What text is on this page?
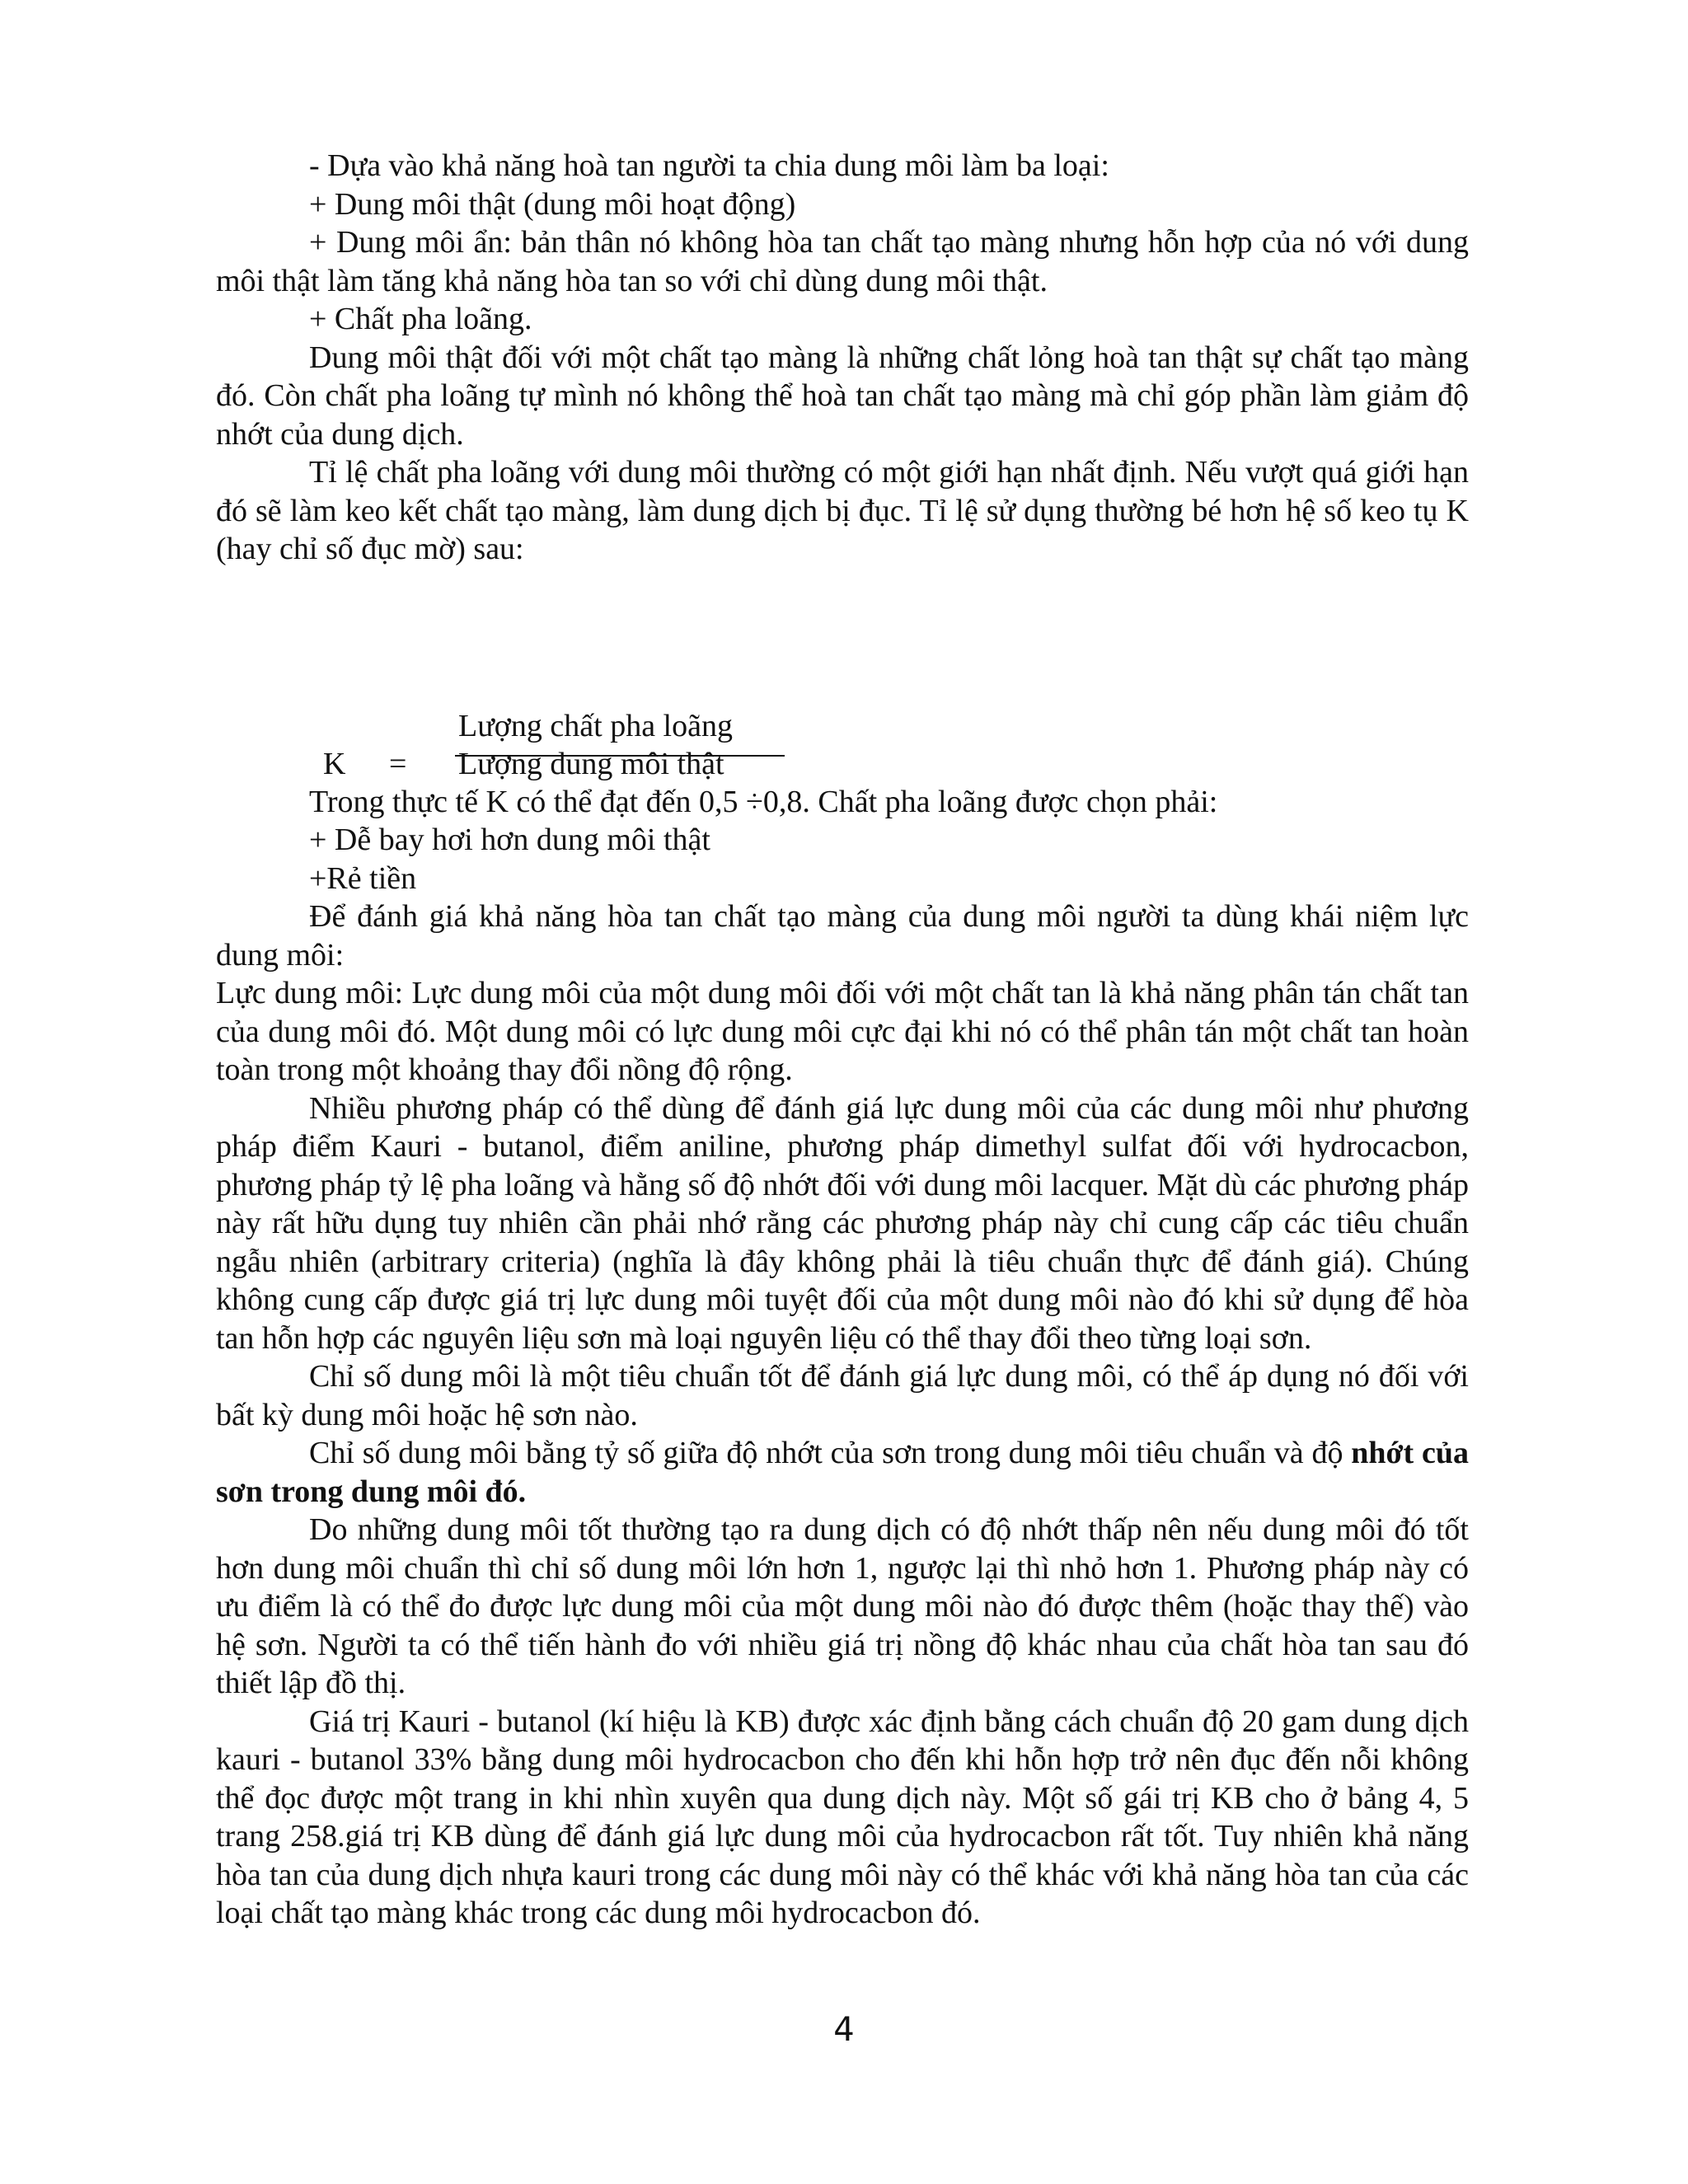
- Dựa vào khả năng hoà tan người ta chia dung môi làm ba loại:

+ Dung môi thật (dung môi hoạt động)

+ Dung môi ẩn: bản thân nó không hòa tan chất tạo màng nhưng hỗn hợp của nó với dung môi thật làm tăng khả năng hòa tan so với chỉ dùng dung môi thật.

+ Chất pha loãng.

Dung môi thật đối với một chất tạo màng là những chất lỏng hoà tan thật sự chất tạo màng đó. Còn chất pha loãng tự mình nó không thể hoà tan chất tạo màng mà chỉ góp phần làm giảm độ nhớt của dung dịch.

Tỉ lệ chất pha loãng với dung môi thường có một giới hạn nhất định. Nếu vượt quá giới hạn đó sẽ làm keo kết chất tạo màng, làm dung dịch bị đục. Tỉ lệ sử dụng thường bé hơn hệ số keo tụ K (hay chỉ số đục mờ) sau:

K =
Lượng chất pha loãng
Lượng dung môi thật

Trong thực tế K có thể đạt đến 0,5 ÷0,8. Chất pha loãng được chọn phải:

+ Dễ bay hơi hơn dung môi thật

+Rẻ tiền

Để đánh giá khả năng hòa tan chất tạo màng của dung môi người ta dùng khái niệm lực dung môi:

Lực dung môi: Lực dung môi của một dung môi đối với một chất tan là khả năng phân tán chất tan của dung môi đó. Một dung môi có lực dung môi cực đại khi nó có thể phân tán một chất tan hoàn toàn trong một khoảng thay đổi nồng độ rộng.

Nhiều phương pháp có thể dùng để đánh giá lực dung môi của các dung môi như phương pháp điểm Kauri - butanol, điểm aniline, phương pháp dimethyl sulfat đối với hydrocacbon, phương pháp tỷ lệ pha loãng và hằng số độ nhớt đối với dung môi lacquer. Mặt dù các phương pháp này rất hữu dụng tuy nhiên cần phải nhớ rằng các phương pháp này chỉ cung cấp các tiêu chuẩn ngẫu nhiên (arbitrary criteria) (nghĩa là đây không phải là tiêu chuẩn thực để đánh giá). Chúng không cung cấp được giá trị lực dung môi tuyệt đối của một dung môi nào đó khi sử dụng để hòa tan hỗn hợp các nguyên liệu sơn mà loại nguyên liệu có thể thay đổi theo từng loại sơn.

Chỉ số dung môi là một tiêu chuẩn tốt để đánh giá lực dung môi, có thể áp dụng nó đối với bất kỳ dung môi hoặc hệ sơn nào.

Chỉ số dung môi bằng tỷ số giữa độ nhớt của sơn trong dung môi tiêu chuẩn và độ nhớt của sơn trong dung môi đó.

Do những dung môi tốt thường tạo ra dung dịch có độ nhớt thấp nên nếu dung môi đó tốt hơn dung môi chuẩn thì chỉ số dung môi lớn hơn 1, ngược lại thì nhỏ hơn 1. Phương pháp này có ưu điểm là có thể đo được lực dung môi của một dung môi nào đó được thêm (hoặc thay thế) vào hệ sơn. Người ta có thể tiến hành đo với nhiều giá trị nồng độ khác nhau của chất hòa tan sau đó thiết lập đồ thị.

Giá trị Kauri - butanol (kí hiệu là KB) được xác định bằng cách chuẩn độ 20 gam dung dịch kauri - butanol 33% bằng dung môi hydrocacbon cho đến khi hỗn hợp trở nên đục đến nỗi không thể đọc được một trang in khi nhìn xuyên qua dung dịch này. Một số gái trị KB cho ở bảng 4, 5 trang 258.giá trị KB dùng để đánh giá lực dung môi của hydrocacbon rất tốt. Tuy nhiên khả năng hòa tan của dung dịch nhựa kauri trong các dung môi này có thể khác với khả năng hòa tan của các loại chất tạo màng khác trong các dung môi hydrocacbon đó.

4
